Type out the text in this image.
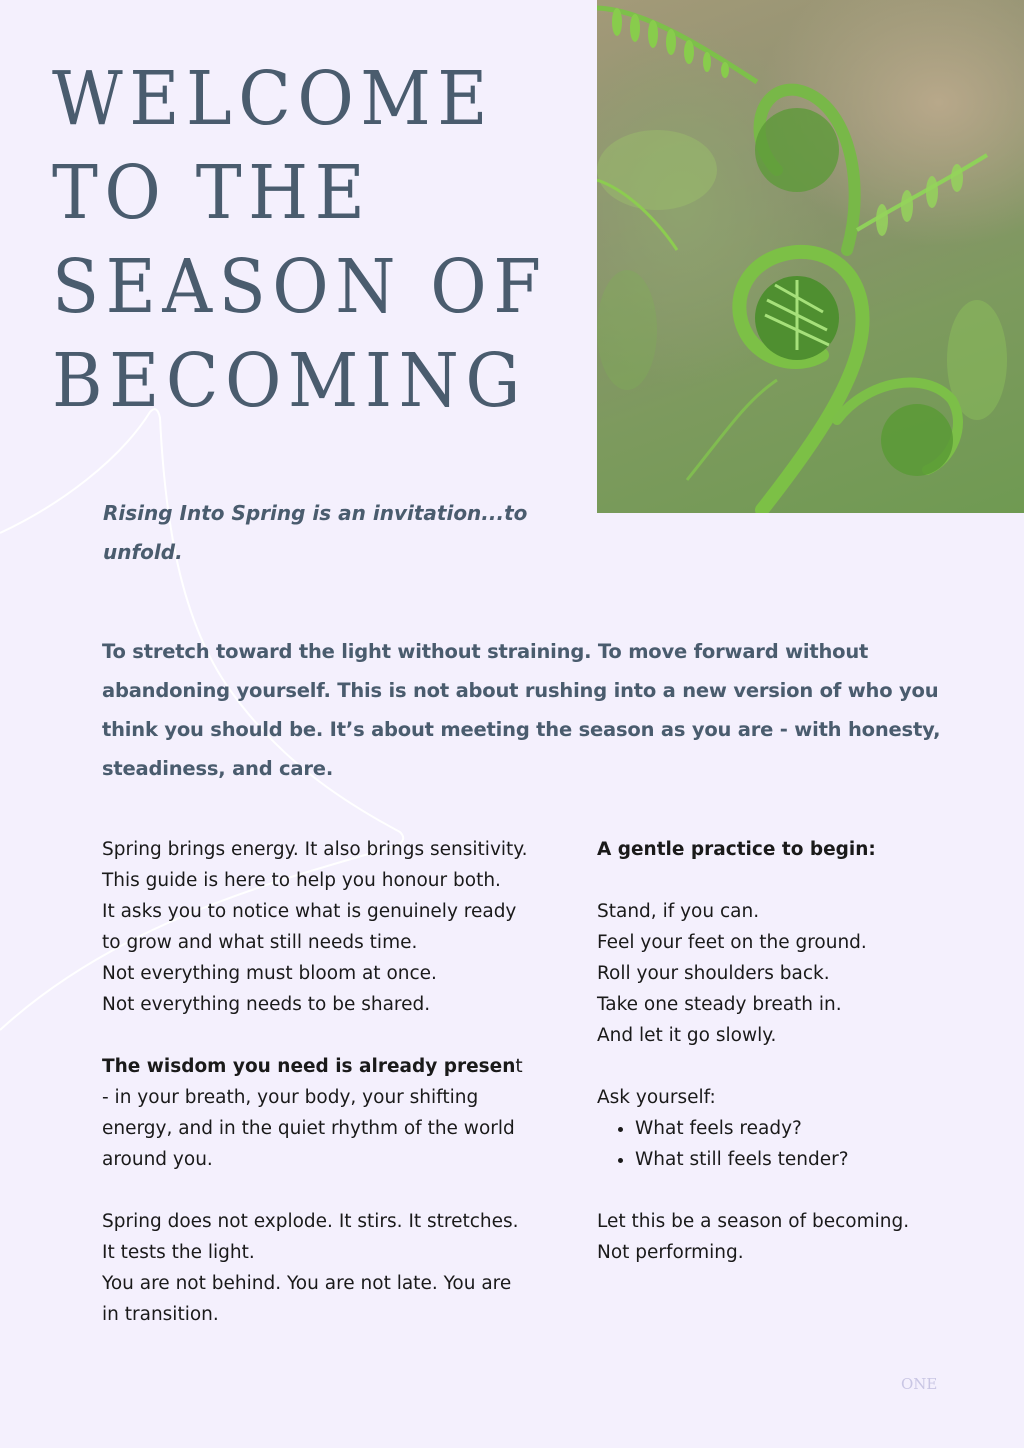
WELCOME
TO THE
SEASON OF
BECOMING

Rising Into Spring is an invitation...to unfold.

To stretch toward the light without straining. To move forward without abandoning yourself. This is not about rushing into a new version of who you think you should be. It’s about meeting the season as you are - with honesty, steadiness, and care.

Spring brings energy. It also brings sensitivity. This guide is here to help you honour both.
It asks you to notice what is genuinely ready to grow and what still needs time.
Not everything must bloom at once.
Not everything needs to be shared.

The wisdom you need is already present - in your breath, your body, your shifting energy, and in the quiet rhythm of the world around you.

Spring does not explode. It stirs. It stretches. It tests the light.
You are not behind. You are not late. You are in transition.

A gentle practice to begin:

Stand, if you can.
Feel your feet on the ground.
Roll your shoulders back.
Take one steady breath in.
And let it go slowly.

Ask yourself:

• What feels ready?
• What still feels tender?

Let this be a season of becoming.
Not performing.

ONE
